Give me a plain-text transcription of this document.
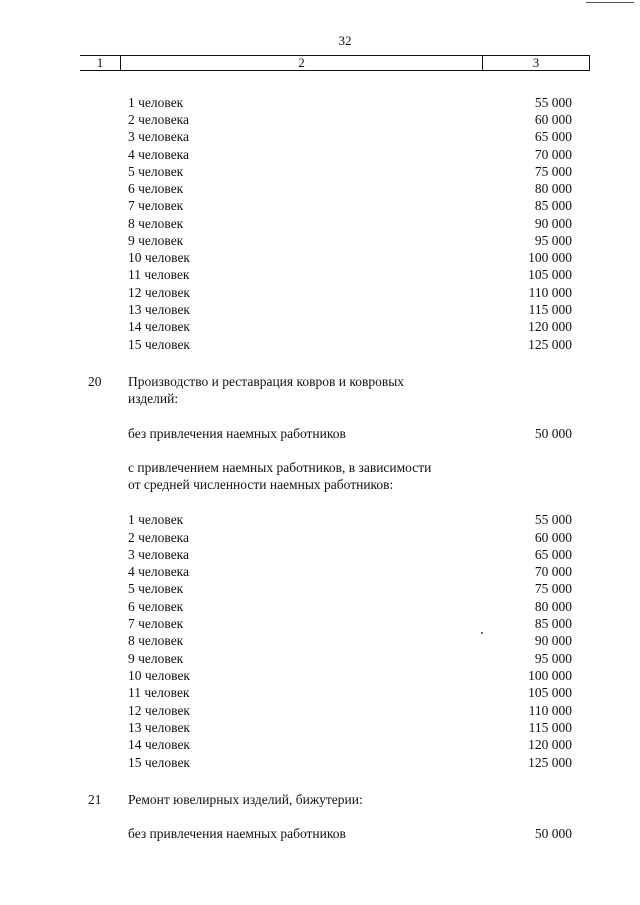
32
1	2	3
1 человек	55 000
2 человека	60 000
3 человека	65 000
4 человека	70 000
5 человек	75 000
6 человек	80 000
7 человек	85 000
8 человек	90 000
9 человек	95 000
10 человек	100 000
11 человек	105 000
12 человек	110 000
13 человек	115 000
14 человек	120 000
15 человек	125 000
20 Производство и реставрация ковров и ковровых
изделий:
без привлечения наемных работников	50 000
с привлечением наемных работников, в зависимости
от средней численности наемных работников:
1 человек	55 000
2 человека	60 000
3 человека	65 000
4 человека	70 000
5 человек	75 000
6 человек	80 000
7 человек	85 000
8 человек	90 000
9 человек	95 000
10 человек	100 000
11 человек	105 000
12 человек	110 000
13 человек	115 000
14 человек	120 000
15 человек	125 000
21 Ремонт ювелирных изделий, бижутерии:
без привлечения наемных работников	50 000
